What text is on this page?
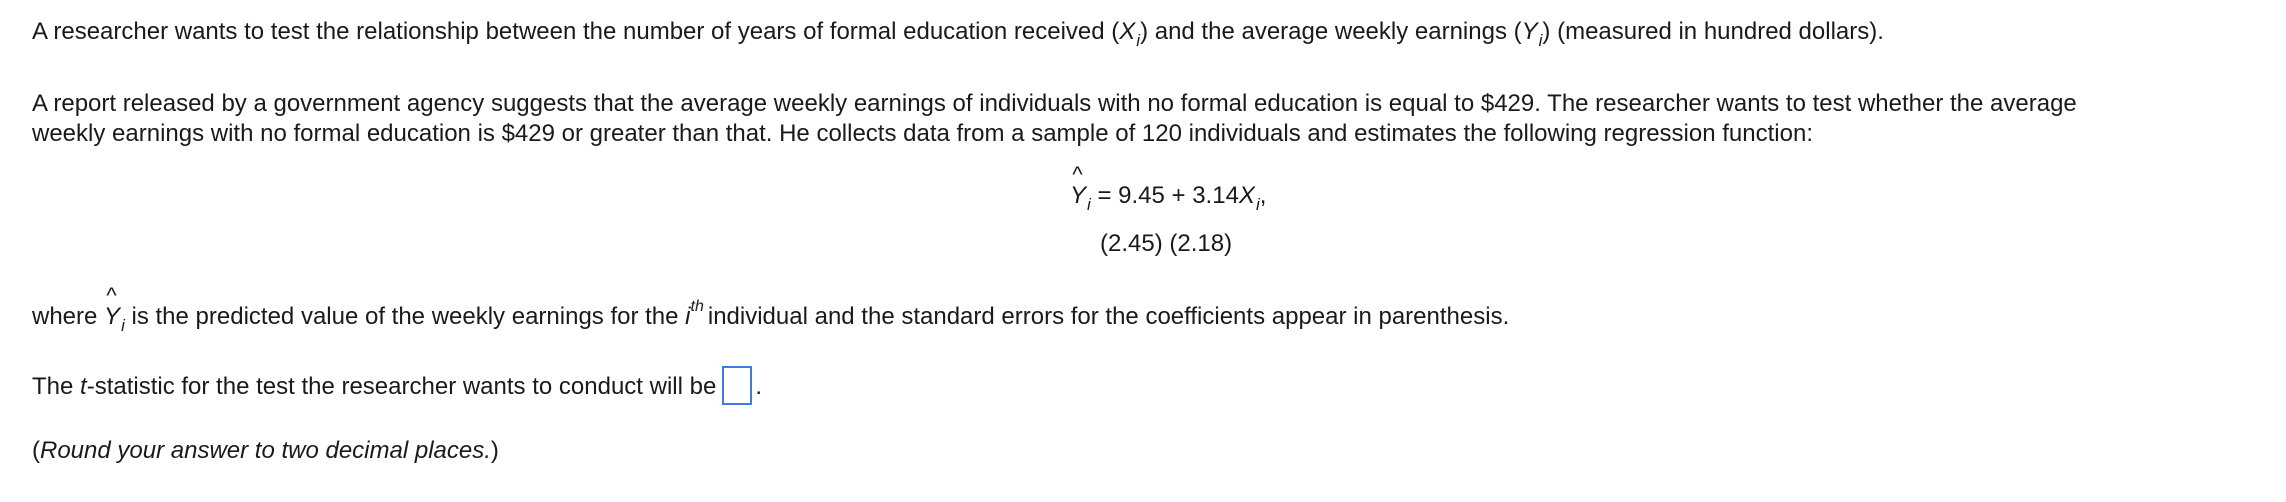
A researcher wants to test the relationship between the number of years of formal education received $(X_i)$ and the average weekly earnings $(Y_i)$ (measured in hundred dollars).
A report released by a government agency suggests that the average weekly earnings of individuals with no formal education is equal to $429. The researcher wants to test whether the average
weekly earnings with no formal education is $429 or greater than that. He collects data from a sample of 120 individuals and estimates the following regression function:
^ $Y_i = 9.45 + 3.14X_i$,
(2.45) (2.18)
where ^ $Y_i$ is the predicted value of the weekly earnings for the $i^{th}$ individual and the standard errors for the coefficients appear in parenthesis.
The t-statistic for the test the researcher wants to conduct will be .
(Round your answer to two decimal places.)
